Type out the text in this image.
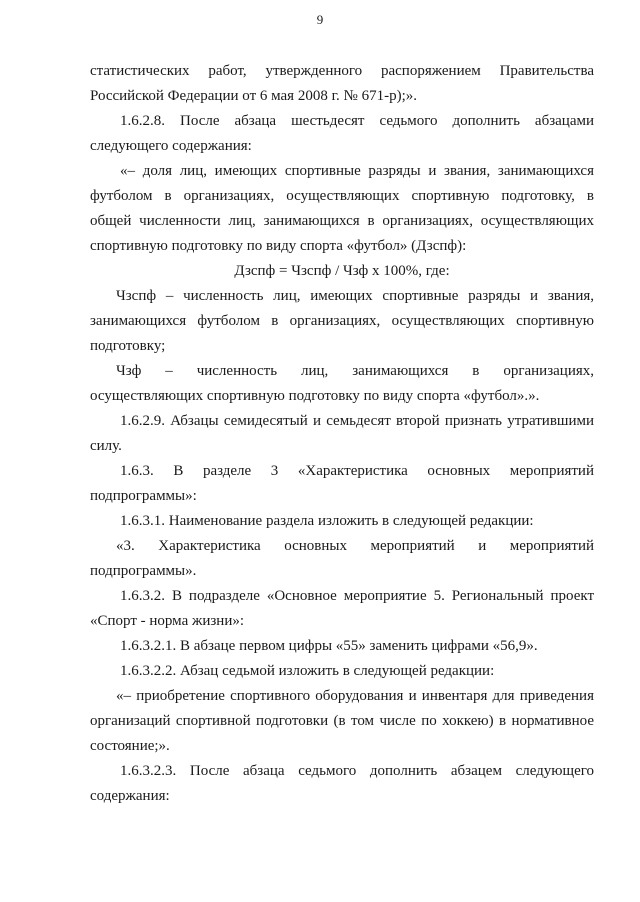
9
статистических работ, утвержденного распоряжением Правительства
Российской Федерации от 6 мая 2008 г. № 671-р);».
1.6.2.8. После абзаца шестьдесят седьмого дополнить абзацами
следующего содержания:
«– доля лиц, имеющих спортивные разряды и звания, занимающихся
футболом в организациях, осуществляющих спортивную подготовку, в
общей численности лиц, занимающихся в организациях, осуществляющих
спортивную подготовку по виду спорта «футбол» (Дзспф):
Дзспф = Чзспф / Чзф х 100%, где:
Чзспф – численность лиц, имеющих спортивные разряды и звания,
занимающихся футболом в организациях, осуществляющих спортивную
подготовку;
Чзф – численность лиц, занимающихся в организациях,
осуществляющих спортивную подготовку по виду спорта «футбол».».
1.6.2.9. Абзацы семидесятый и семьдесят второй признать утратившими
силу.
1.6.3. В разделе 3 «Характеристика основных мероприятий
подпрограммы»:
1.6.3.1. Наименование раздела изложить в следующей редакции:
«3. Характеристика основных мероприятий и мероприятий
подпрограммы».
1.6.3.2. В подразделе «Основное мероприятие 5. Региональный проект
«Спорт - норма жизни»:
1.6.3.2.1. В абзаце первом цифры «55» заменить цифрами «56,9».
1.6.3.2.2. Абзац седьмой изложить в следующей редакции:
«– приобретение спортивного оборудования и инвентаря для приведения
организаций спортивной подготовки (в том числе по хоккею) в нормативное
состояние;».
1.6.3.2.3. После абзаца седьмого дополнить абзацем следующего
содержания:
